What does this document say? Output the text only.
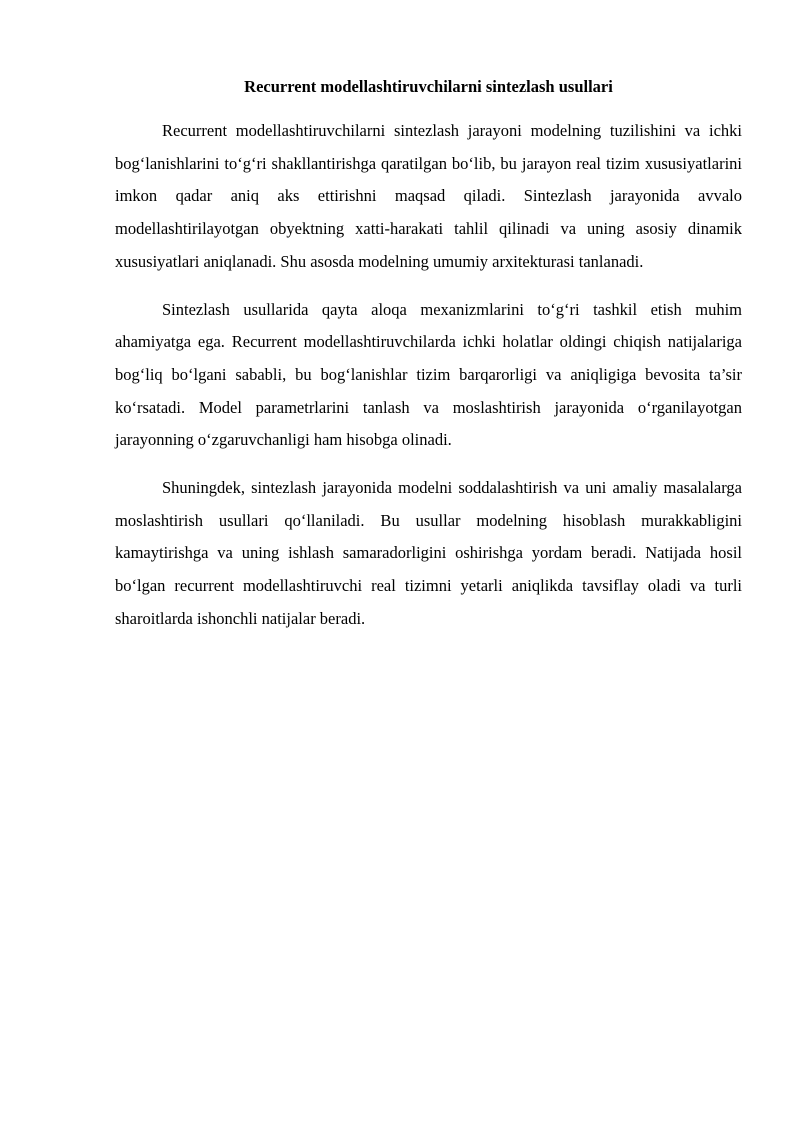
Recurrent modellashtiruvchilarni sintezlash usullari

Recurrent modellashtiruvchilarni sintezlash jarayoni modelning tuzilishini va ichki bog‘lanishlarini to‘g‘ri shakllantirishga qaratilgan bo‘lib, bu jarayon real tizim xususiyatlarini imkon qadar aniq aks ettirishni maqsad qiladi. Sintezlash jarayonida avvalo modellashtirilayotgan obyektning xatti-harakati tahlil qilinadi va uning asosiy dinamik xususiyatlari aniqlanadi. Shu asosda modelning umumiy arxitekturasi tanlanadi.

Sintezlash usullarida qayta aloqa mexanizmlarini to‘g‘ri tashkil etish muhim ahamiyatga ega. Recurrent modellashtiruvchilarda ichki holatlar oldingi chiqish natijalariga bog‘liq bo‘lgani sababli, bu bog‘lanishlar tizim barqarorligi va aniqligiga bevosita ta’sir ko‘rsatadi. Model parametrlarini tanlash va moslashtirish jarayonida o‘rganilayotgan jarayonning o‘zgaruvchanligi ham hisobga olinadi.

Shuningdek, sintezlash jarayonida modelni soddalashtirish va uni amaliy masalalarga moslashtirish usullari qo‘llaniladi. Bu usullar modelning hisoblash murakkabligini kamaytirishga va uning ishlash samaradorligini oshirishga yordam beradi. Natijada hosil bo‘lgan recurrent modellashtiruvchi real tizimni yetarli aniqlikda tavsiflay oladi va turli sharoitlarda ishonchli natijalar beradi.
